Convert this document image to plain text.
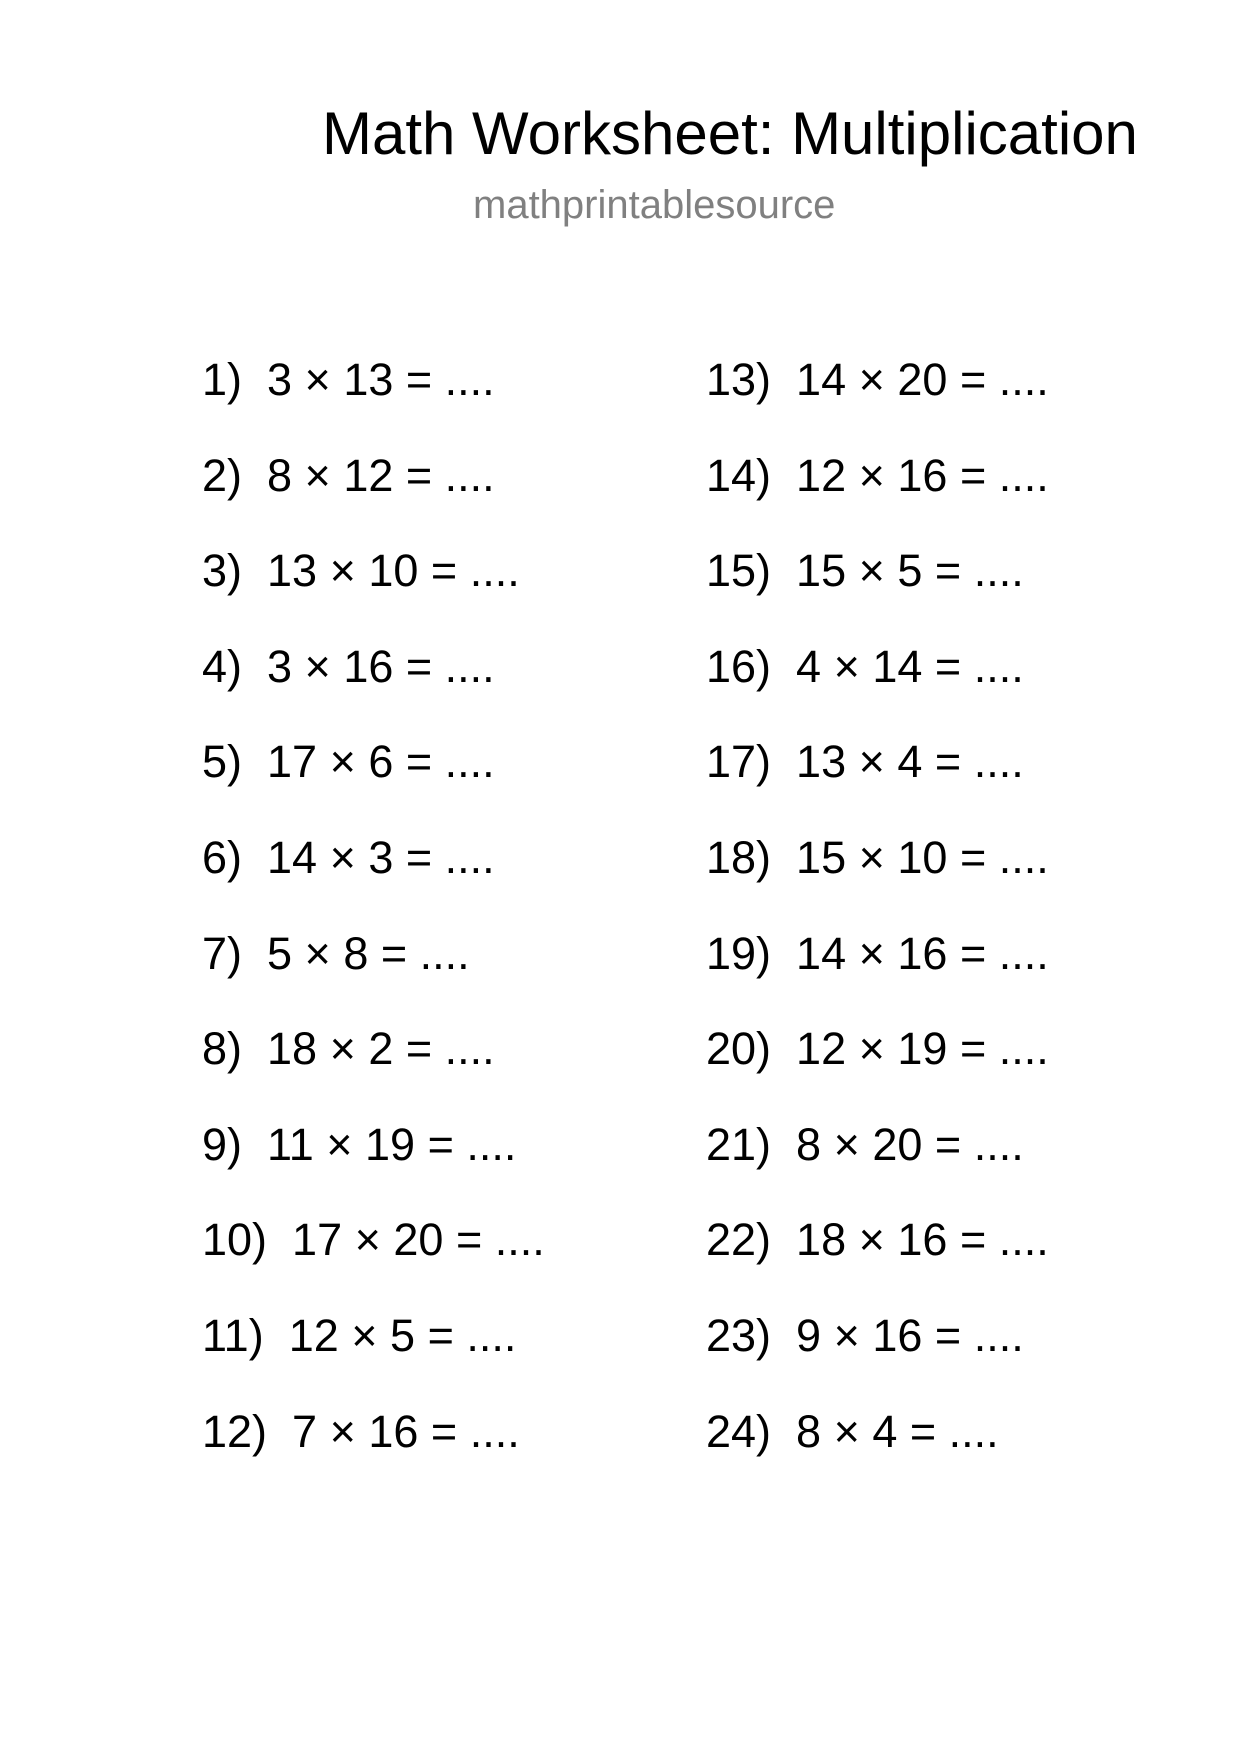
Math Worksheet: Multiplication
mathprintablesource
1)  3 × 13 = ....
2)  8 × 12 = ....
3)  13 × 10 = ....
4)  3 × 16 = ....
5)  17 × 6 = ....
6)  14 × 3 = ....
7)  5 × 8 = ....
8)  18 × 2 = ....
9)  11 × 19 = ....
10)  17 × 20 = ....
11)  12 × 5 = ....
12)  7 × 16 = ....
13)  14 × 20 = ....
14)  12 × 16 = ....
15)  15 × 5 = ....
16)  4 × 14 = ....
17)  13 × 4 = ....
18)  15 × 10 = ....
19)  14 × 16 = ....
20)  12 × 19 = ....
21)  8 × 20 = ....
22)  18 × 16 = ....
23)  9 × 16 = ....
24)  8 × 4 = ....
